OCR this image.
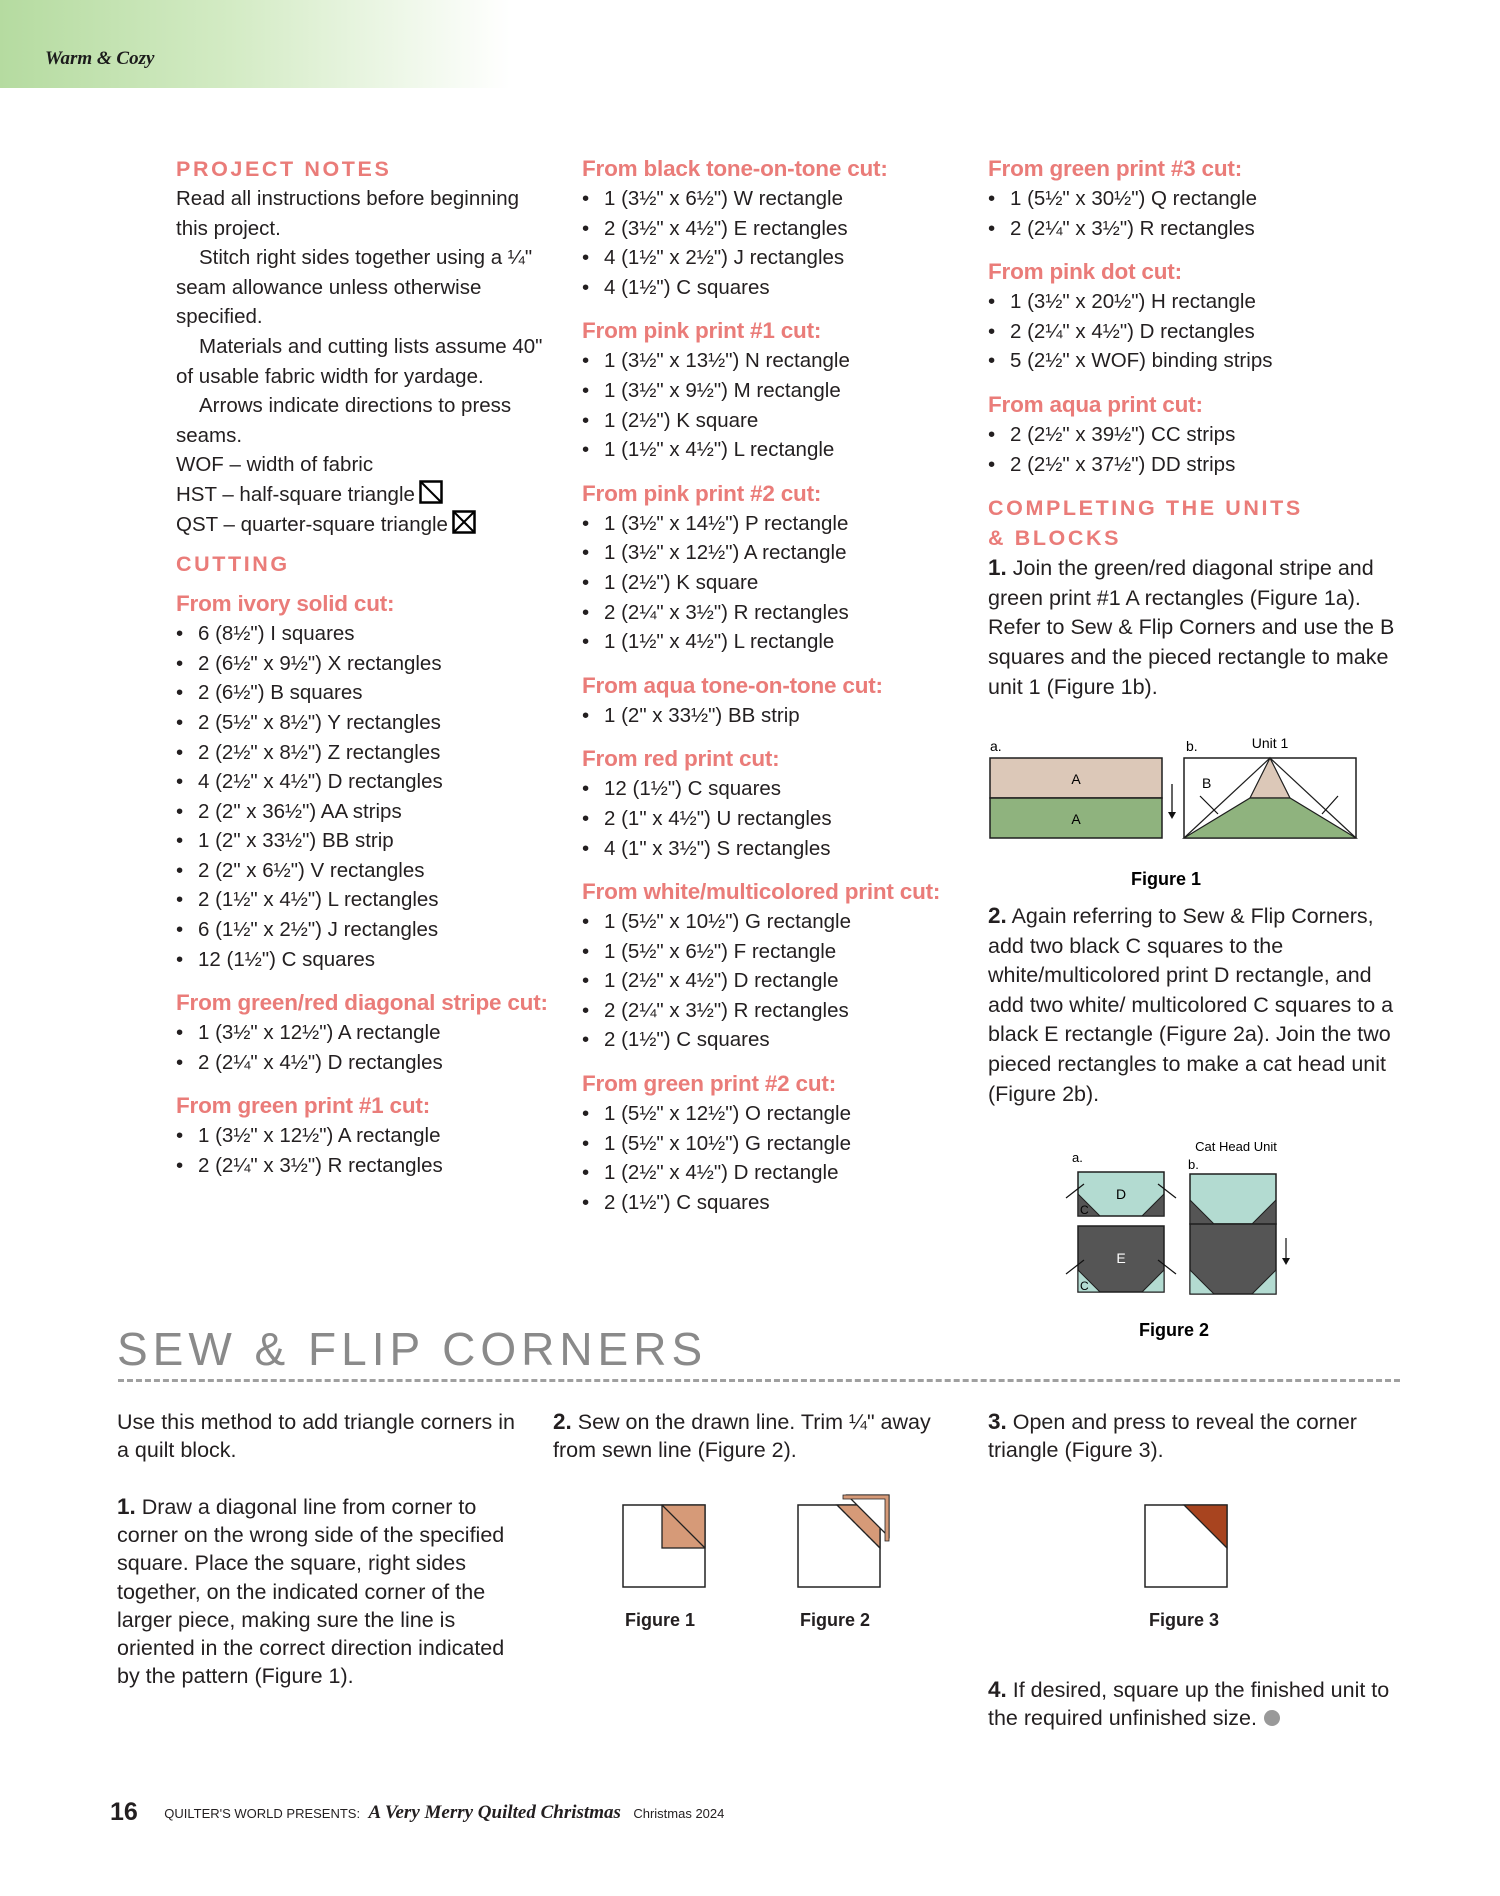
Warm & Cozy
PROJECT NOTES

Read all instructions before beginning this project.

Stitch right sides together using a ¼" seam allowance unless otherwise specified.

Materials and cutting lists assume 40" of usable fabric width for yardage.

Arrows indicate directions to press seams.

WOF – width of fabric

HST – half-square triangle

QST – quarter-square triangle

CUTTING
From ivory solid cut:
• 6 (8½") I squares
• 2 (6½" x 9½") X rectangles
• 2 (6½") B squares
• 2 (5½" x 8½") Y rectangles
• 2 (2½" x 8½") Z rectangles
• 4 (2½" x 4½") D rectangles
• 2 (2" x 36½") AA strips
• 1 (2" x 33½") BB strip
• 2 (2" x 6½") V rectangles
• 2 (1½" x 4½") L rectangles
• 6 (1½" x 2½") J rectangles
• 12 (1½") C squares
From green/red diagonal stripe cut:
• 1 (3½" x 12½") A rectangle
• 2 (2¼" x 4½") D rectangles
From green print #1 cut:
• 1 (3½" x 12½") A rectangle
• 2 (2¼" x 3½") R rectangles
From black tone-on-tone cut:
• 1 (3½" x 6½") W rectangle
• 2 (3½" x 4½") E rectangles
• 4 (1½" x 2½") J rectangles
• 4 (1½") C squares
From pink print #1 cut:
• 1 (3½" x 13½") N rectangle
• 1 (3½" x 9½") M rectangle
• 1 (2½") K square
• 1 (1½" x 4½") L rectangle
From pink print #2 cut:
• 1 (3½" x 14½") P rectangle
• 1 (3½" x 12½") A rectangle
• 1 (2½") K square
• 2 (2¼" x 3½") R rectangles
• 1 (1½" x 4½") L rectangle
From aqua tone-on-tone cut:
• 1 (2" x 33½") BB strip
From red print cut:
• 12 (1½") C squares
• 2 (1" x 4½") U rectangles
• 4 (1" x 3½") S rectangles
From white/multicolored print cut:
• 1 (5½" x 10½") G rectangle
• 1 (5½" x 6½") F rectangle
• 1 (2½" x 4½") D rectangle
• 2 (2¼" x 3½") R rectangles
• 2 (1½") C squares
From green print #2 cut:
• 1 (5½" x 12½") O rectangle
• 1 (5½" x 10½") G rectangle
• 1 (2½" x 4½") D rectangle
• 2 (1½") C squares
From green print #3 cut:
• 1 (5½" x 30½") Q rectangle
• 2 (2¼" x 3½") R rectangles
From pink dot cut:
• 1 (3½" x 20½") H rectangle
• 2 (2¼" x 4½") D rectangles
• 5 (2½" x WOF) binding strips
From aqua print cut:
• 2 (2½" x 39½") CC strips
• 2 (2½" x 37½") DD strips
COMPLETING THE UNITS & BLOCKS

1. Join the green/red diagonal stripe and green print #1 A rectangles (Figure 1a). Refer to Sew & Flip Corners and use the B squares and the pieced rectangle to make unit 1 (Figure 1b).

a.	b.	Unit 1
A
A
B
Figure 1

2. Again referring to Sew & Flip Corners, add two black C squares to the white/multicolored print D rectangle, and add two white/ multicolored C squares to a black E rectangle (Figure 2a). Join the two pieced rectangles to make a cat head unit (Figure 2b).

a.
Cat Head Unit
b.
D
C
E
C
Figure 2
SEW & FLIP CORNERS

Use this method to add triangle corners in a quilt block.

1. Draw a diagonal line from corner to corner on the wrong side of the specified square. Place the square, right sides together, on the indicated corner of the larger piece, making sure the line is oriented in the correct direction indicated by the pattern (Figure 1).

2. Sew on the drawn line. Trim ¼" away from sewn line (Figure 2).

3. Open and press to reveal the corner triangle (Figure 3).

4. If desired, square up the finished unit to the required unfinished size.

Figure 1	Figure 2	Figure 3
16 QUILTER'S WORLD PRESENTS: A Very Merry Quilted Christmas Christmas 2024
